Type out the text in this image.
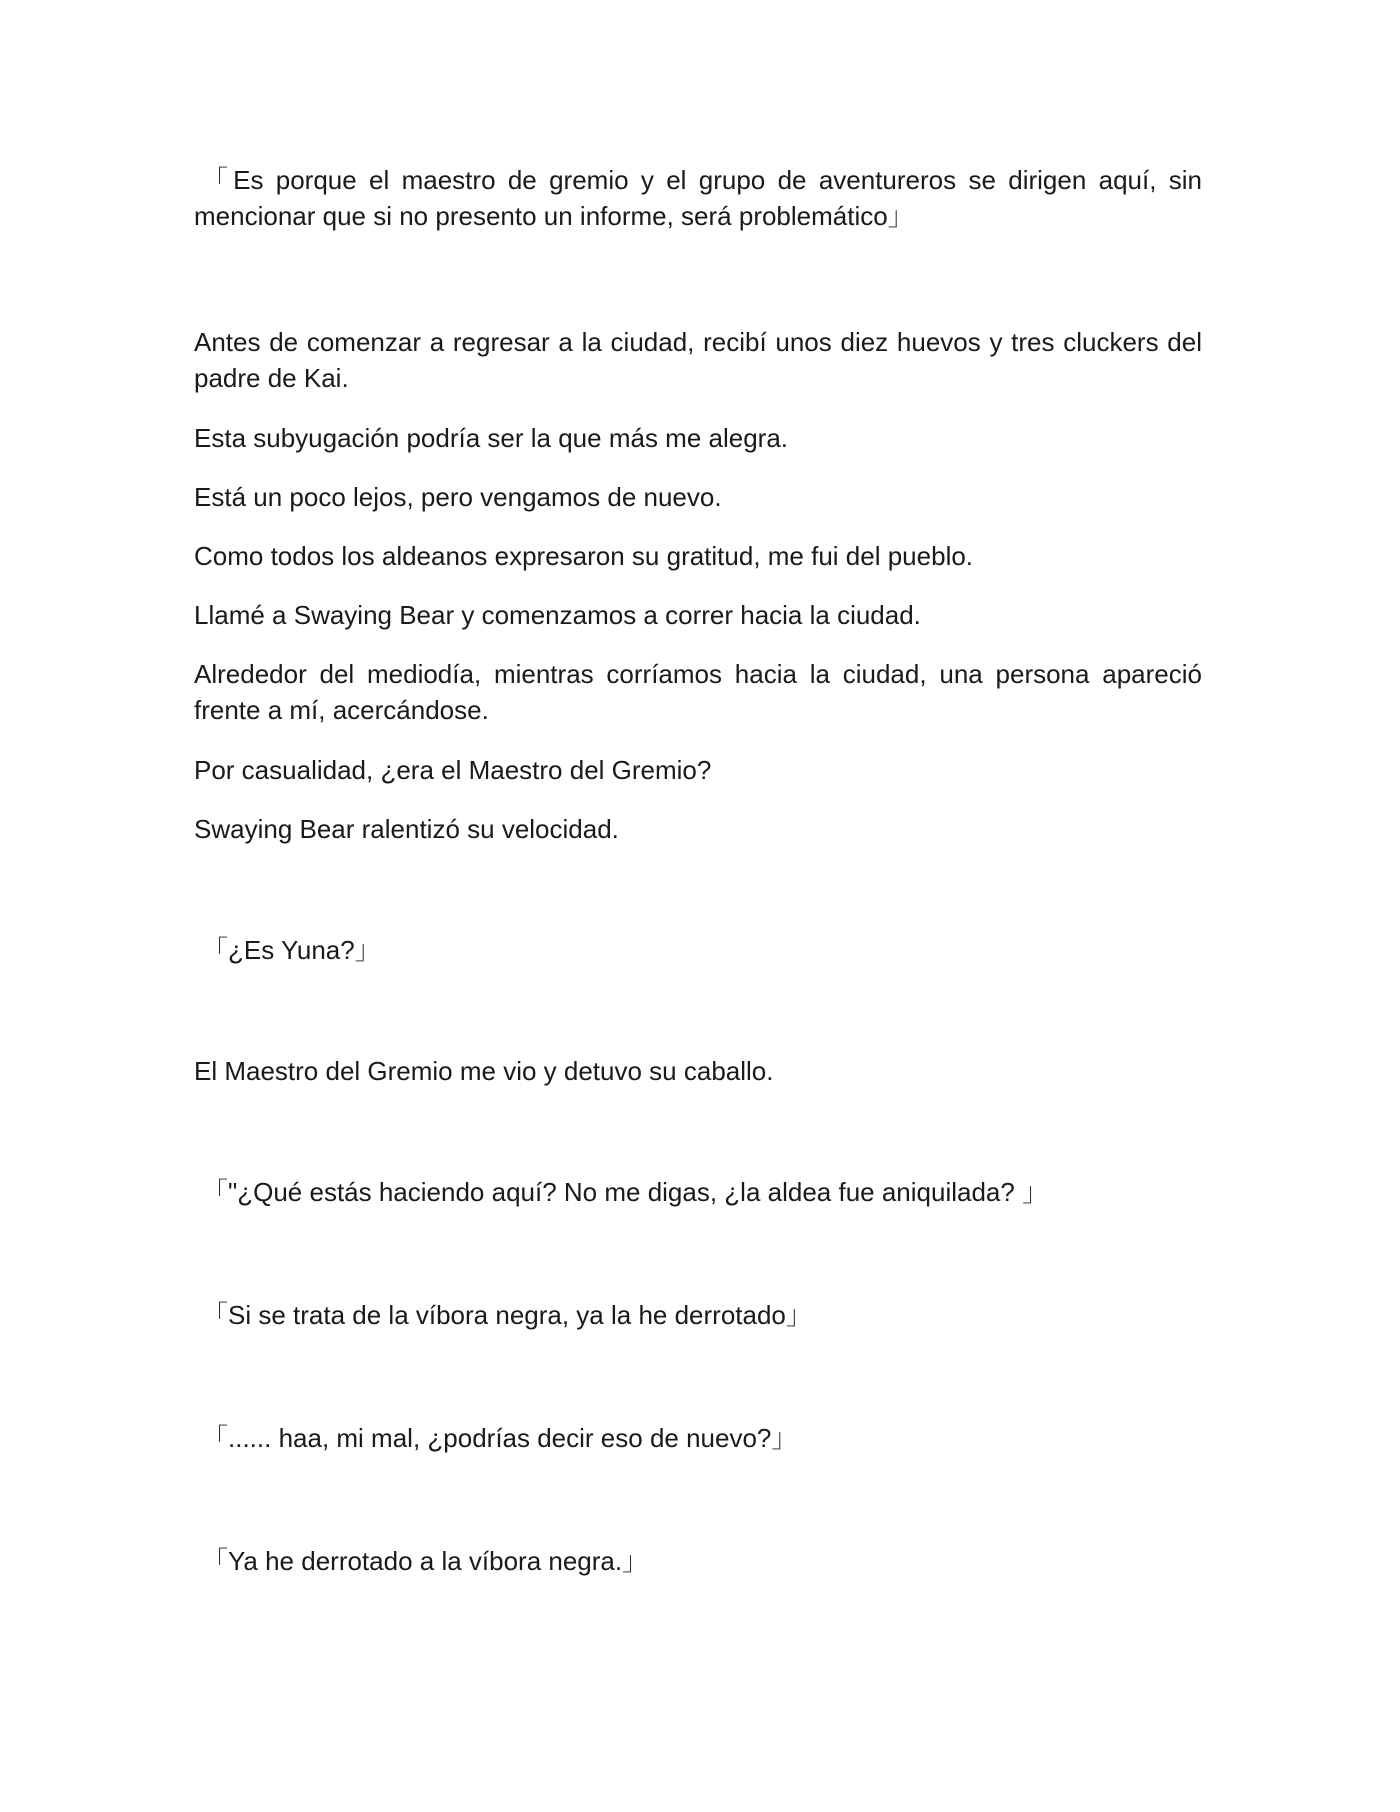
「Es porque el maestro de gremio y el grupo de aventureros se dirigen aquí, sin mencionar que si no presento un informe, será problemático」

Antes de comenzar a regresar a la ciudad, recibí unos diez huevos y tres cluckers del padre de Kai.

Esta subyugación podría ser la que más me alegra.

Está un poco lejos, pero vengamos de nuevo.

Como todos los aldeanos expresaron su gratitud, me fui del pueblo.

Llamé a Swaying Bear y comenzamos a correr hacia la ciudad.

Alrededor del mediodía, mientras corríamos hacia la ciudad, una persona apareció frente a mí, acercándose.

Por casualidad, ¿era el Maestro del Gremio?

Swaying Bear ralentizó su velocidad.

「¿Es Yuna?」

El Maestro del Gremio me vio y detuvo su caballo.

「"¿Qué estás haciendo aquí? No me digas, ¿la aldea fue aniquilada? 」

「Si se trata de la víbora negra, ya la he derrotado」

「...... haa, mi mal, ¿podrías decir eso de nuevo?」

「Ya he derrotado a la víbora negra.」
